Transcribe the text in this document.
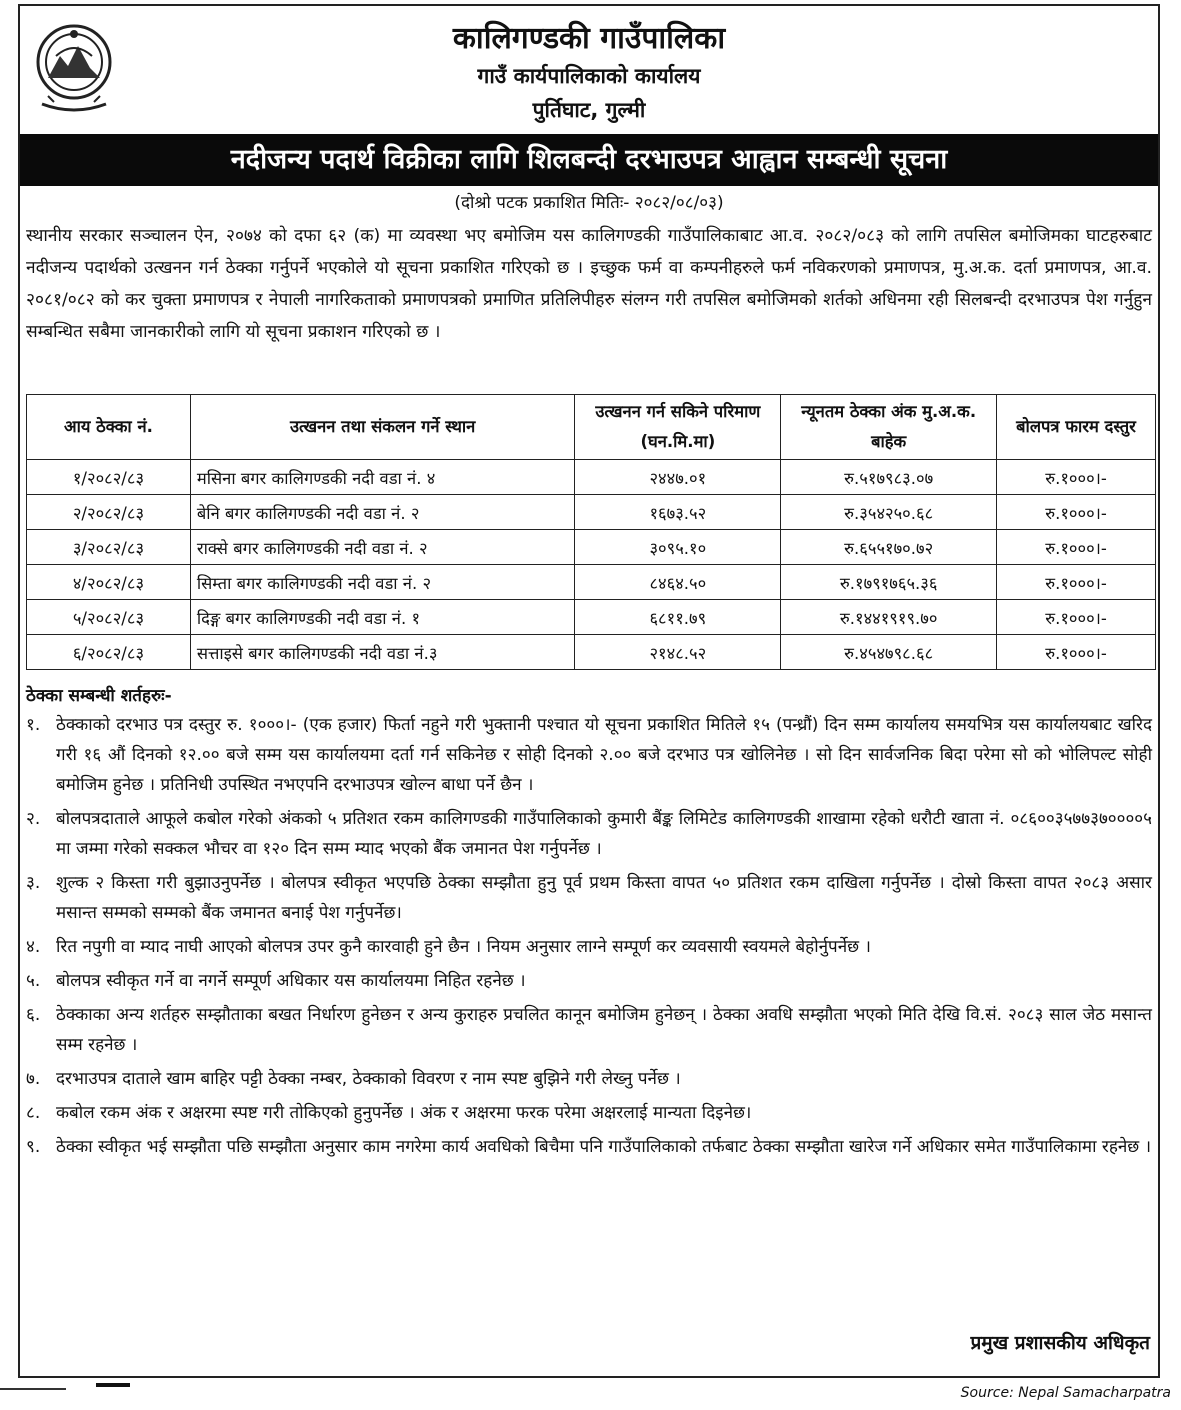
कालिगण्डकी गाउँपालिका
गाउँ कार्यपालिकाको कार्यालय
पुर्तिघाट, गुल्मी
नदीजन्य पदार्थ विक्रीका लागि शिलबन्दी दरभाउपत्र आह्वान सम्बन्धी सूचना
(दोश्रो पटक प्रकाशित मितिः- २०८२/०८/०३)
स्थानीय सरकार सञ्चालन ऐन, २०७४ को दफा ६२ (क) मा व्यवस्था भए बमोजिम यस कालिगण्डकी गाउँपालिकाबाट आ.व. २०८२/०८३ को लागि तपसिल बमोजिमका घाटहरुबाट नदीजन्य पदार्थको उत्खनन गर्न ठेक्का गर्नुपर्ने भएकोले यो सूचना प्रकाशित गरिएको छ । इच्छुक फर्म वा कम्पनीहरुले फर्म नविकरणको प्रमाणपत्र, मु.अ.क. दर्ता प्रमाणपत्र, आ.व. २०८१/०८२ को कर चुक्ता प्रमाणपत्र र नेपाली नागरिकताको प्रमाणपत्रको प्रमाणित प्रतिलिपीहरु संलग्न गरी तपसिल बमोजिमको शर्तको अधिनमा रही सिलबन्दी दरभाउपत्र पेश गर्नुहुन सम्बन्धित सबैमा जानकारीको लागि यो सूचना प्रकाशन गरिएको छ ।
आय ठेक्का नं.	उत्खनन तथा संकलन गर्ने स्थान	उत्खनन गर्न सकिने परिमाण (घन.मि.मा)	न्यूनतम ठेक्का अंक मु.अ.क. बाहेक	बोलपत्र फारम दस्तुर
१/२०८२/८३	मसिना बगर कालिगण्डकी नदी वडा नं. ४	२४४७.०१	रु.५१७९८३.०७	रु.१०००।-
२/२०८२/८३	बेनि बगर कालिगण्डकी नदी वडा नं. २	१६७३.५२	रु.३५४२५०.६८	रु.१०००।-
३/२०८२/८३	राक्से बगर कालिगण्डकी नदी वडा नं. २	३०९५.१०	रु.६५५१७०.७२	रु.१०००।-
४/२०८२/८३	सिम्ता बगर कालिगण्डकी नदी वडा नं. २	८४६४.५०	रु.१७९१७६५.३६	रु.१०००।-
५/२०८२/८३	दिङ्ग बगर कालिगण्डकी नदी वडा नं. १	६८११.७९	रु.१४४१९१९.७०	रु.१०००।-
६/२०८२/८३	सत्ताइसे बगर कालिगण्डकी नदी वडा नं.३	२१४८.५२	रु.४५४७९८.६८	रु.१०००।-
ठेक्का सम्बन्धी शर्तहरुः-
१. ठेक्काको दरभाउ पत्र दस्तुर रु. १०००।- (एक हजार) फिर्ता नहुने गरी भुक्तानी पश्चात यो सूचना प्रकाशित मितिले १५ (पन्ध्रौं) दिन सम्म कार्यालय समयभित्र यस कार्यालयबाट खरिद गरी १६ औं दिनको १२.०० बजे सम्म यस कार्यालयमा दर्ता गर्न सकिनेछ र सोही दिनको २.०० बजे दरभाउ पत्र खोलिनेछ । सो दिन सार्वजनिक बिदा परेमा सो को भोलिपल्ट सोही बमोजिम हुनेछ । प्रतिनिधी उपस्थित नभएपनि दरभाउपत्र खोल्न बाधा पर्ने छैन ।
२. बोलपत्रदाताले आफूले कबोल गरेको अंकको ५ प्रतिशत रकम कालिगण्डकी गाउँपालिकाको कुमारी बैंङ्क लिमिटेड कालिगण्डकी शाखामा रहेको धरौटी खाता नं. ०८६००३५७७३७००००५ मा जम्मा गरेको सक्कल भौचर वा १२० दिन सम्म म्याद भएको बैंक जमानत पेश गर्नुपर्नेछ ।
३. शुल्क २ किस्ता गरी बुझाउनुपर्नेछ । बोलपत्र स्वीकृत भएपछि ठेक्का सम्झौता हुनु पूर्व प्रथम किस्ता वापत ५० प्रतिशत रकम दाखिला गर्नुपर्नेछ । दोस्रो किस्ता वापत २०८३ असार मसान्त सम्मको सम्मको बैंक जमानत बनाई पेश गर्नुपर्नेछ।
४. रित नपुगी वा म्याद नाघी आएको बोलपत्र उपर कुनै कारवाही हुने छैन । नियम अनुसार लाग्ने सम्पूर्ण कर व्यवसायी स्वयमले बेहोर्नुपर्नेछ ।
५. बोलपत्र स्वीकृत गर्ने वा नगर्ने सम्पूर्ण अधिकार यस कार्यालयमा निहित रहनेछ ।
६. ठेक्काका अन्य शर्तहरु सम्झौताका बखत निर्धारण हुनेछन र अन्य कुराहरु प्रचलित कानून बमोजिम हुनेछन् । ठेक्का अवधि सम्झौता भएको मिति देखि वि.सं. २०८३ साल जेठ मसान्त सम्म रहनेछ ।
७. दरभाउपत्र दाताले खाम बाहिर पट्टी ठेक्का नम्बर, ठेक्काको विवरण र नाम स्पष्ट बुझिने गरी लेख्नु पर्नेछ ।
८. कबोल रकम अंक र अक्षरमा स्पष्ट गरी तोकिएको हुनुपर्नेछ । अंक र अक्षरमा फरक परेमा अक्षरलाई मान्यता दिइनेछ।
९. ठेक्का स्वीकृत भई सम्झौता पछि सम्झौता अनुसार काम नगरेमा कार्य अवधिको बिचैमा पनि गाउँपालिकाको तर्फबाट ठेक्का सम्झौता खारेज गर्ने अधिकार समेत गाउँपालिकामा रहनेछ ।
प्रमुख प्रशासकीय अधिकृत
Source: Nepal Samacharpatra
